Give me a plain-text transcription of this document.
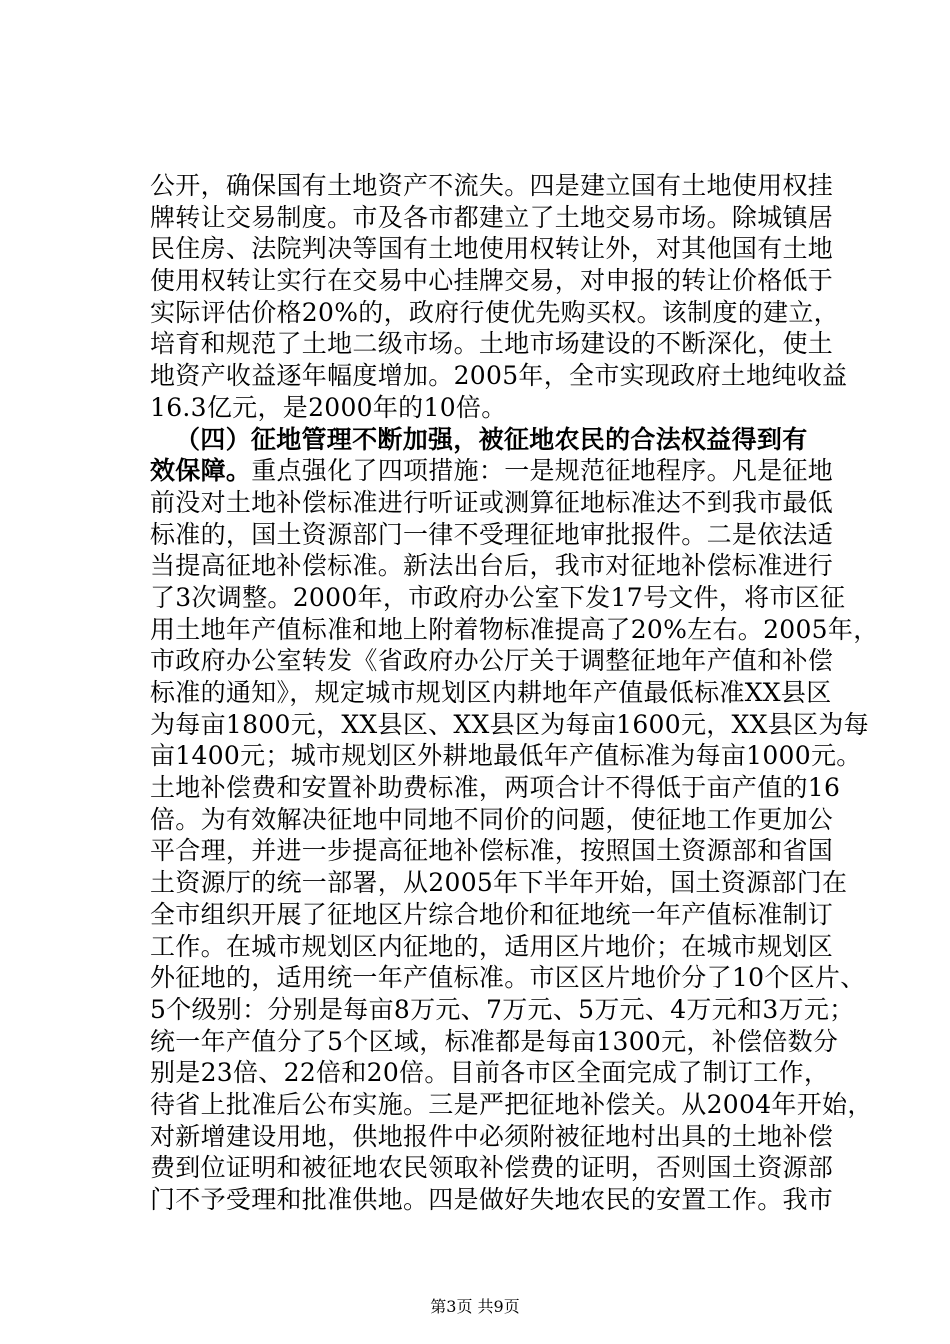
公开，确保国有土地资产不流失。四是建立国有土地使用权挂
牌转让交易制度。市及各市都建立了土地交易市场。除城镇居
民住房、法院判决等国有土地使用权转让外，对其他国有土地
使用权转让实行在交易中心挂牌交易，对申报的转让价格低于
实际评估价格20%的，政府行使优先购买权。该制度的建立，
培育和规范了土地二级市场。土地市场建设的不断深化，使土
地资产收益逐年幅度增加。2005年，全市实现政府土地纯收益
16.3亿元，是2000年的10倍。
（四）征地管理不断加强，被征地农民的合法权益得到有
效保障。重点强化了四项措施：一是规范征地程序。凡是征地
前没对土地补偿标准进行听证或测算征地标准达不到我市最低
标准的，国土资源部门一律不受理征地审批报件。二是依法适
当提高征地补偿标准。新法出台后，我市对征地补偿标准进行
了3次调整。2000年，市政府办公室下发17号文件，将市区征
用土地年产值标准和地上附着物标准提高了20%左右。2005年，
市政府办公室转发《省政府办公厅关于调整征地年产值和补偿
标准的通知》，规定城市规划区内耕地年产值最低标准XX县区
为每亩1800元，XX县区、XX县区为每亩1600元，XX县区为每
亩1400元；城市规划区外耕地最低年产值标准为每亩1000元。
土地补偿费和安置补助费标准，两项合计不得低于亩产值的16
倍。为有效解决征地中同地不同价的问题，使征地工作更加公
平合理，并进一步提高征地补偿标准，按照国土资源部和省国
土资源厅的统一部署，从2005年下半年开始，国土资源部门在
全市组织开展了征地区片综合地价和征地统一年产值标准制订
工作。在城市规划区内征地的，适用区片地价；在城市规划区
外征地的，适用统一年产值标准。市区区片地价分了10个区片、
5个级别：分别是每亩8万元、7万元、5万元、4万元和3万元；
统一年产值分了5个区域，标准都是每亩1300元，补偿倍数分
别是23倍、22倍和20倍。目前各市区全面完成了制订工作，
待省上批准后公布实施。三是严把征地补偿关。从2004年开始，
对新增建设用地，供地报件中必须附被征地村出具的土地补偿
费到位证明和被征地农民领取补偿费的证明，否则国土资源部
门不予受理和批准供地。四是做好失地农民的安置工作。我市
第3页 共9页
